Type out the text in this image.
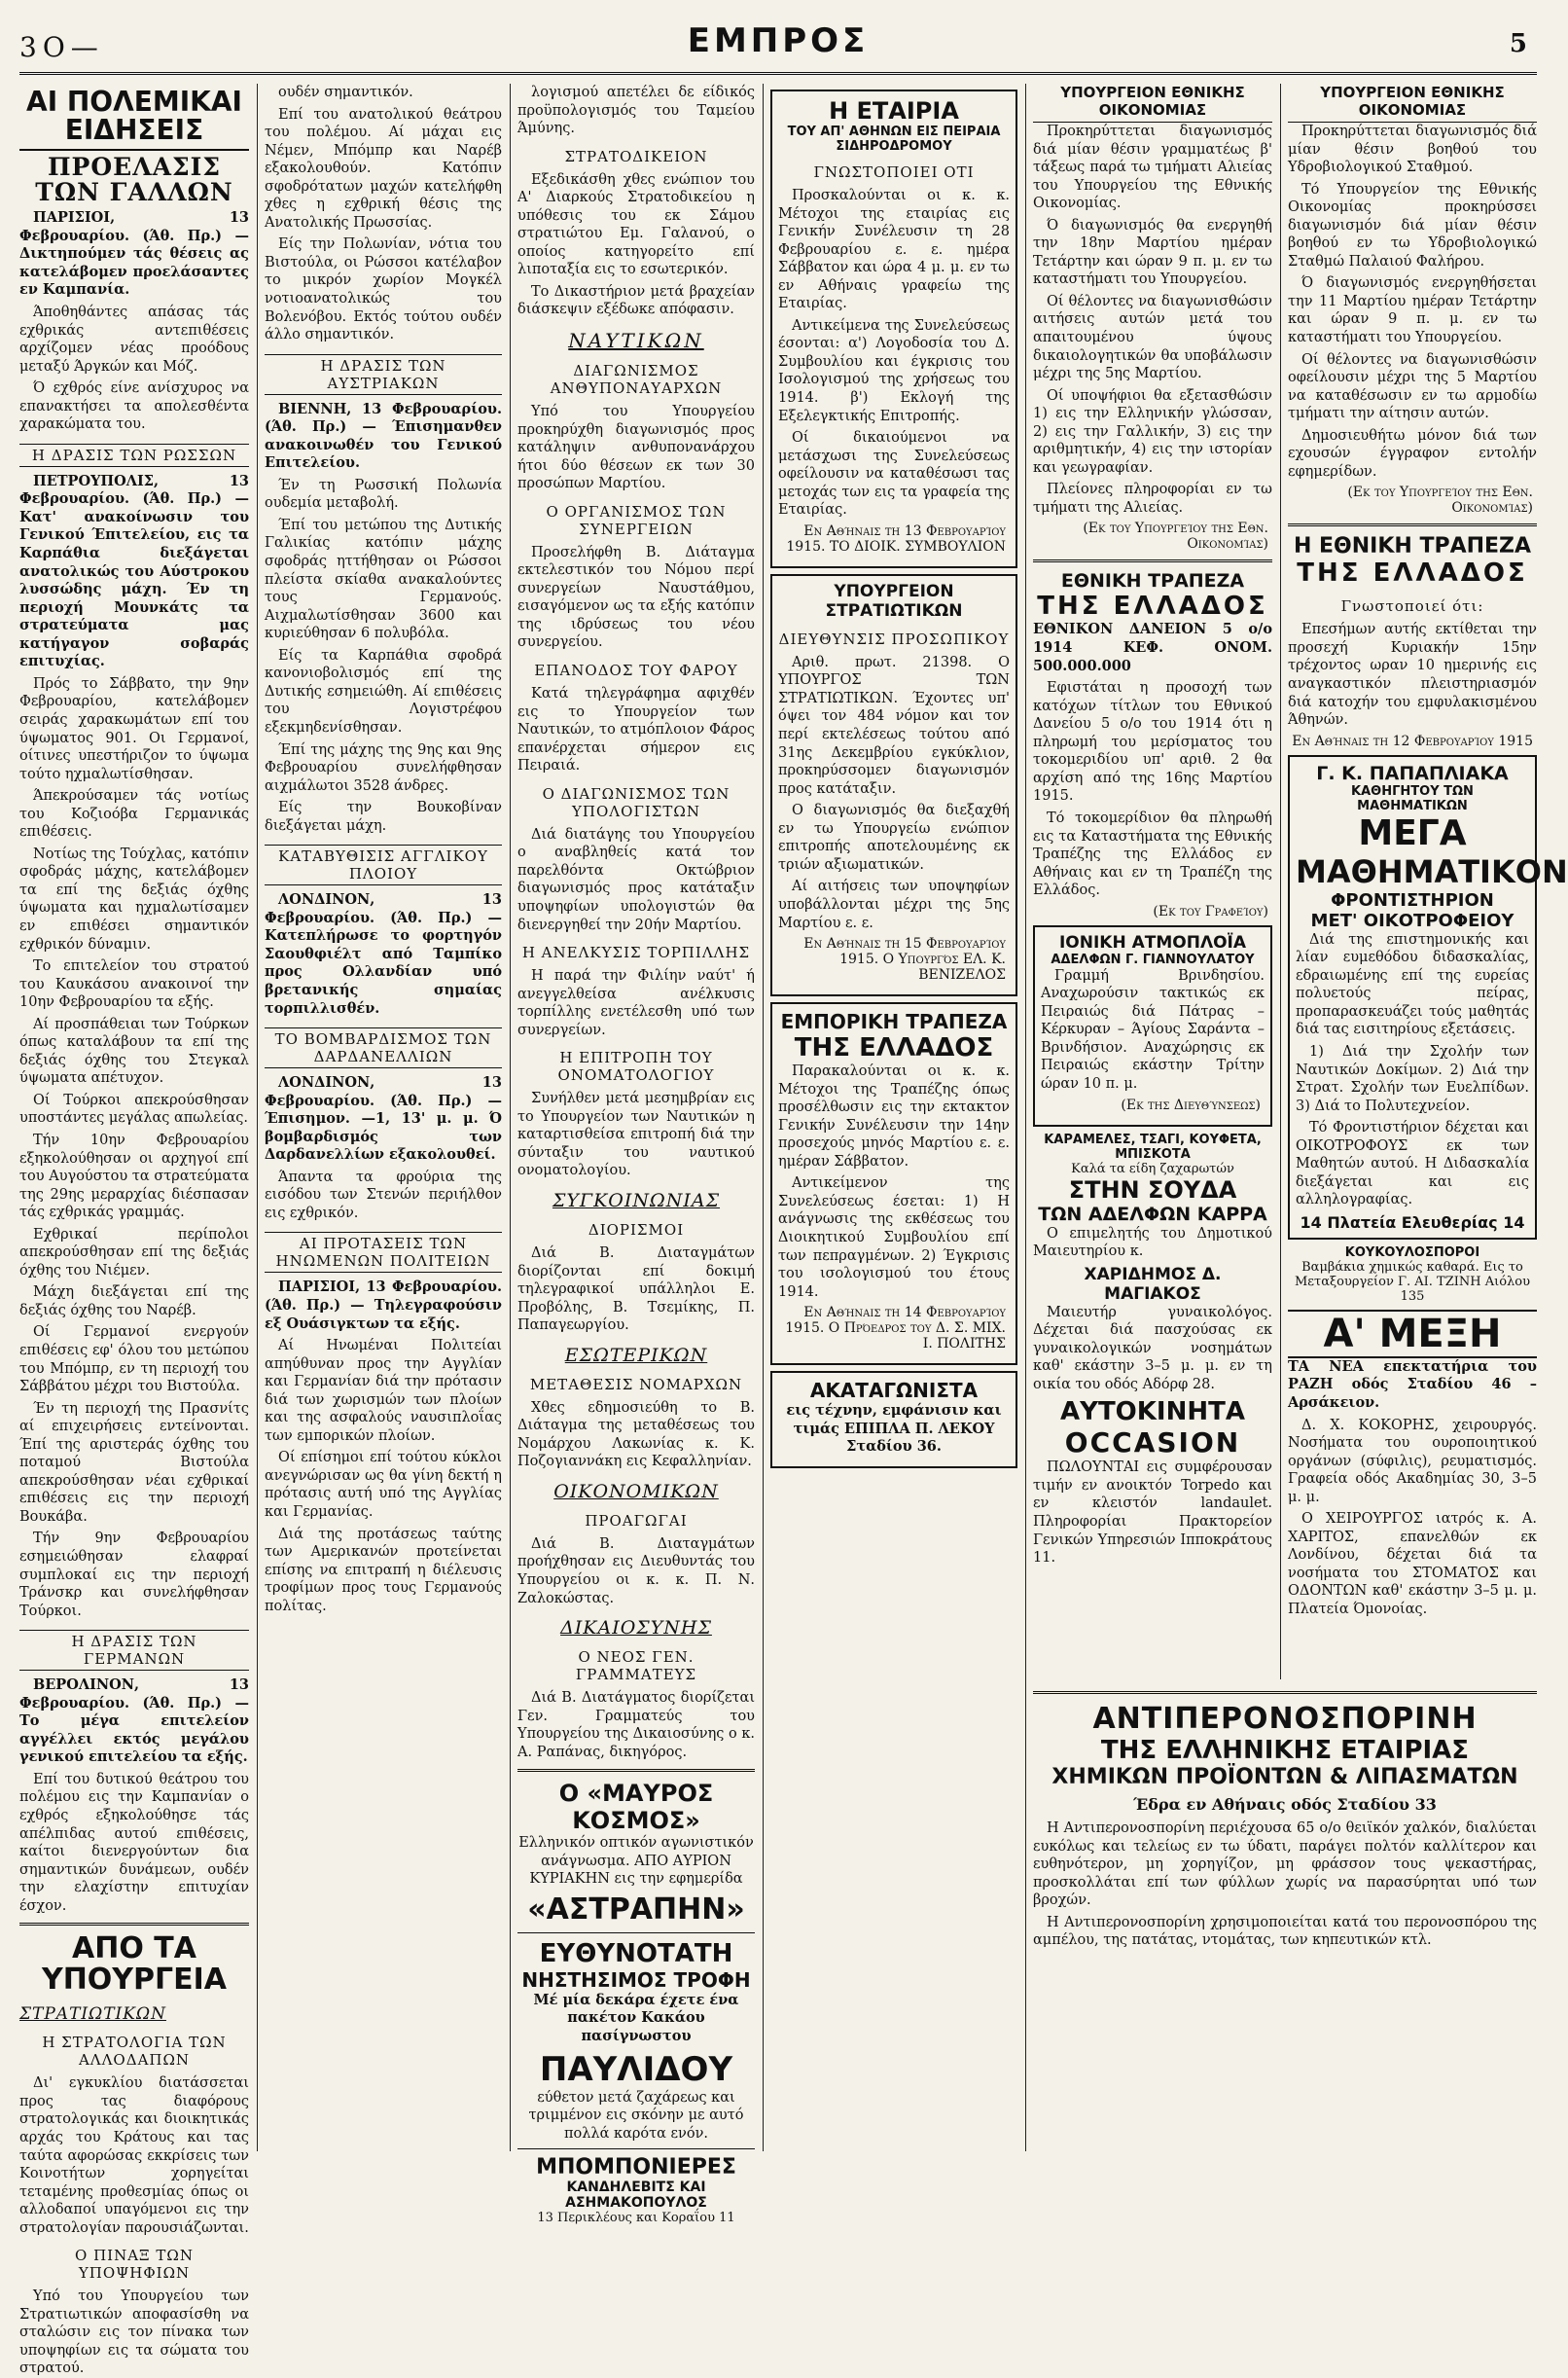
3Ο—	ΕΜΠΡΟΣ	5
ΑΙ ΠΟΛΕΜΙΚΑΙ ΕΙΔΗΣΕΙΣ
ΠΡΟΕΛΑΣΙΣ ΤΩΝ ΓΑΛΛΩΝ

ΠΑΡΙΣΙΟΙ, 13 Φεβρουαρίου. (Άθ. Πρ.) — Δικτηπούμεν τάς θέσεις ας κατελάβομεν προελάσαντες εν Καμπανία.

Άποθηθάντες απάσας τάς εχθρικάς αντεπιθέσεις αρχίζομεν νέας προόδους μεταξύ Άργκών και Μόζ.

Ό εχθρός είνε ανίσχυρος να επανακτήσει τα απολεσθέντα χαρακώματα του.

Η ΔΡΑΣΙΣ ΤΩΝ ΡΩΣΣΩΝ

ΠΕΤΡΟΥΠΟΛΙΣ, 13 Φεβρουαρίου. (Άθ. Πρ.) — Κατ' ανακοίνωσιν του Γενικού Έπιτελείου, εις τα Καρπάθια διεξάγεται ανατολικώς του Αύστροκου λυσσώδης μάχη. Έν τη περιοχή Μουνκάτς τα στρατεύματα μας κατήγαγον σοβαράς επιτυχίας.

Πρός το Σάββατο, την 9ην Φεβρουαρίου, κατελάβομεν σειράς χαρακωμάτων επί του ύψωματος 901. Οι Γερμανοί, οίτινες υπεστήριζον το ύψωμα τούτο ηχμαλωτίσθησαν.

Άπεκρούσαμεν τάς νοτίως του Κοζιοόβα Γερμανικάς επιθέσεις.

Νοτίως της Τούχλας, κατόπιν σφοδράς μάχης, κατελάβομεν τα επί της δεξιάς όχθης ύψωματα και ηχμαλωτίσαμεν εν επιθέσει σημαντικόν εχθρικόν δύναμιν.

Το επιτελείον του στρατού του Καυκάσου ανακοινοί την 10ην Φεβρουαρίου τα εξής.

Αί προσπάθειαι των Τούρκων όπως καταλάβουν τα επί της δεξιάς όχθης του Στεγκαλ ύψωματα απέτυχον.

Οί Τούρκοι απεκρούσθησαν υποστάντες μεγάλας απωλείας.

Τήν 10ην Φεβρουαρίου εξηκολούθησαν οι αρχηγοί επί του Αυγούστου τα στρατεύματα της 29ης μεραρχίας διέσπασαν τάς εχθρικάς γραμμάς.

Εχθρικαί περίπολοι απεκρούσθησαν επί της δεξιάς όχθης του Νιέμεν.

Μάχη διεξάγεται επί της δεξιάς όχθης του Ναρέβ.

Οί Γερμανοί ενεργούν επιθέσεις εφ' όλου του μετώπου του Μπόμπρ, εν τη περιοχή του Σάββάτου μέχρι του Βιστούλα.

Έν τη περιοχή της Πρασνίτς αί επιχειρήσεις εντείνονται. Έπί της αριστεράς όχθης του ποταμού Βιστούλα απεκρούσθησαν νέαι εχθρικαί επιθέσεις εις την περιοχή Βουκάβα.

Τήν 9ην Φεβρουαρίου εσημειώθησαν ελαφραί συμπλοκαί εις την περιοχή Τράνσκρ και συνελήφθησαν Τούρκοι.

Η ΔΡΑΣΙΣ ΤΩΝ ΓΕΡΜΑΝΩΝ

ΒΕΡΟΛΙΝΟΝ, 13 Φεβρουαρίου. (Άθ. Πρ.) — Το μέγα επιτελείον αγγέλλει εκτός μεγάλου γενικού επιτελείου τα εξής.

Επί του δυτικού θεάτρου του πολέμου εις την Καμπανίαν ο εχθρός εξηκολούθησε τάς απέλπιδας αυτού επιθέσεις, καίτοι διενεργούντων δια σημαντικών δυνάμεων, ουδέν την ελαχίστην επιτυχίαν έσχον.

ΑΠΟ ΤΑ ΥΠΟΥΡΓΕΙΑ
ΣΤΡΑΤΙΩΤΙΚΩΝ
Η ΣΤΡΑΤΟΛΟΓΙΑ ΤΩΝ ΑΛΛΟΔΑΠΩΝ

Δι' εγκυκλίου διατάσσεται προς τας διαφόρους στρατολογικάς και διοικητικάς αρχάς του Κράτους και τας ταύτα αφορώσας εκκρίσεις των Κοινοτήτων χορηγείται τεταμένης προθεσμίας όπως οι αλλοδαποί υπαγόμενοι εις την στρατολογίαν παρουσιάζωνται.

Ο ΠΙΝΑΞ ΤΩΝ ΥΠΟΨΗΦΙΩΝ

Υπό του Υπουργείου των Στρατιωτικών αποφασίσθη να σταλώσιν εις τον πίνακα των υποψηφίων εις τα σώματα του στρατού.

ουδέν σημαντικόν.

Επί του ανατολικού θεάτρου του πολέμου. Αί μάχαι εις Νέμεν, Μπόμπρ και Ναρέβ εξακολουθούν. Κατόπιν σφοδρότατων μαχών κατελήφθη χθες η εχθρική θέσις της Ανατολικής Πρωσσίας.

Είς την Πολωνίαν, νότια του Βιστούλα, οι Ρώσσοι κατέλαβον το μικρόν χωρίον Μογκέλ νοτιοανατολικώς του Βολενόβου. Εκτός τούτου ουδέν άλλο σημαντικόν.

Η ΔΡΑΣΙΣ ΤΩΝ ΑΥΣΤΡΙΑΚΩΝ

ΒΙΕΝΝΗ, 13 Φεβρουαρίου. (Άθ. Πρ.) — Έπισημανθεν ανακοινωθέν του Γενικού Επιτελείου.

Έν τη Ρωσσική Πολωνία ουδεμία μεταβολή.

Έπί του μετώπου της Δυτικής Γαλικίας κατόπιν μάχης σφοδράς ηττήθησαν οι Ρώσσοι πλείστα σκίαθα ανακαλούντες τους Γερμανούς. Αιχμαλωτίσθησαν 3600 και κυριεύθησαν 6 πολυβόλα.

Είς τα Καρπάθια σφοδρά κανονιοβολισμός επί της Δυτικής εσημειώθη. Αί επιθέσεις του Λογιστρέφου εξεκμηδενίσθησαν.

Έπί της μάχης της 9ης και 9ης Φεβρουαρίου συνελήφθησαν αιχμάλωτοι 3528 άνδρες.

Είς την Βουκοβίναν διεξάγεται μάχη.

ΚΑΤΑΒΥΘΙΣΙΣ ΑΓΓΛΙΚΟΥ ΠΛΟΙΟΥ

ΛΟΝΔΙΝΟΝ, 13 Φεβρουαρίου. (Άθ. Πρ.) — Κατεπλήρωσε το φορτηγόν Σαουθφιέλτ από Ταμπίκο προς Ολλανδίαν υπό βρετανικής σημαίας τορπιλλισθέν.

ΤΟ ΒΟΜΒΑΡΔΙΣΜΟΣ ΤΩΝ ΔΑΡΔΑΝΕΛΛΙΩΝ

ΛΟΝΔΙΝΟΝ, 13 Φεβρουαρίου. (Άθ. Πρ.) — Έπισημον. —1, 13' μ. μ. Ό βομβαρδισμός των Δαρδανελλίων εξακολουθεί.

Άπαντα τα φρούρια της εισόδου των Στενών περιήλθον εις εχθρικόν.

ΑΙ ΠΡΟΤΑΣΕΙΣ ΤΩΝ ΗΝΩΜΕΝΩΝ ΠΟΛΙΤΕΙΩΝ

ΠΑΡΙΣΙΟΙ, 13 Φεβρουαρίου. (Άθ. Πρ.) — Τηλεγραφούσιν εξ Ουάσιγκτων τα εξής.

Αί Ηνωμέναι Πολιτείαι απηύθυναν προς την Αγγλίαν και Γερμανίαν διά την πρότασιν διά των χωρισμών των πλοίων και της ασφαλούς ναυσιπλοΐας των εμπορικών πλοίων.

Οί επίσημοι επί τούτου κύκλοι ανεγνώρισαν ως θα γίνη δεκτή η πρότασις αυτή υπό της Αγγλίας και Γερμανίας.

Διά της προτάσεως ταύτης των Αμερικανών προτείνεται επίσης να επιτραπή η διέλευσις τροφίμων προς τους Γερμανούς πολίτας.

λογισμού απετέλει δε είδικός προϋπολογισμός του Ταμείου Άμύνης.

ΣΤΡΑΤΟΔΙΚΕΙΟΝ

Εξεδικάσθη χθες ενώπιον του Α' Διαρκούς Στρατοδικείου η υπόθεσις του εκ Σάμου στρατιώτου Εμ. Γαλανού, ο οποίος κατηγορείτο επί λιποταξία εις το εσωτερικόν.

Το Δικαστήριον μετά βραχείαν διάσκεψιν εξέδωκε απόφασιν.

ΝΑΥΤΙΚΩΝ
ΔΙΑΓΩΝΙΣΜΟΣ ΑΝΘΥΠΟΝΑΥΑΡΧΩΝ

Υπό του Υπουργείου προκηρύχθη διαγωνισμός προς κατάληψιν ανθυπονανάρχου ήτοι δύο θέσεων εκ των 30 προσώπων Μαρτίου.

Ο ΟΡΓΑΝΙΣΜΟΣ ΤΩΝ ΣΥΝΕΡΓΕΙΩΝ

Προσελήφθη Β. Διάταγμα εκτελεστικόν του Νόμου περί συνεργείων Ναυστάθμου, εισαγόμενον ως τα εξής κατόπιν της ιδρύσεως του νέου συνεργείου.

ΕΠΑΝΟΔΟΣ ΤΟΥ ΦΑΡΟΥ

Κατά τηλεγράφημα αφιχθέν εις το Υπουργείον των Ναυτικών, το ατμόπλοιον Φάρος επανέρχεται σήμερον εις Πειραιά.

Ο ΔΙΑΓΩΝΙΣΜΟΣ ΤΩΝ ΥΠΟΛΟΓΙΣΤΩΝ

Διά διατάγης του Υπουργείου ο αναβληθείς κατά τον παρελθόντα Οκτώβριον διαγωνισμός προς κατάταξιν υποψηφίων υπολογιστών θα διενεργηθεί την 20ήν Μαρτίου.

Η ΑΝΕΛΚΥΣΙΣ ΤΟΡΠΙΛΛΗΣ

Η παρά την Φιλίην ναύτ' ή ανεγγελθείσα ανέλκυσις τορπίλλης ενετέλεσθη υπό των συνεργείων.

Η ΕΠΙΤΡΟΠΗ ΤΟΥ ΟΝΟΜΑΤΟΛΟΓΙΟΥ

Συνήλθεν μετά μεσημβρίαν εις το Υπουργείον των Ναυτικών η καταρτισθείσα επιτροπή διά την σύνταξιν του ναυτικού ονοματολογίου.

ΣΥΓΚΟΙΝΩΝΙΑΣ
ΔΙΟΡΙΣΜΟΙ

Διά Β. Διαταγμάτων διορίζονται επί δοκιμή τηλεγραφικοί υπάλληλοι Ε. Προβόλης, Β. Τσεμίκης, Π. Παπαγεωργίου.

ΕΣΩΤΕΡΙΚΩΝ
ΜΕΤΑΘΕΣΙΣ ΝΟΜΑΡΧΩΝ

Χθες εδημοσιεύθη το Β. Διάταγμα της μεταθέσεως του Νομάρχου Λακωνίας κ. Κ. Ποζογιαννάκη εις Κεφαλληνίαν.

ΟΙΚΟΝΟΜΙΚΩΝ
ΠΡΟΑΓΩΓΑΙ

Διά Β. Διαταγμάτων προήχθησαν εις Διευθυντάς του Υπουργείου οι κ. κ. Π. Ν. Ζαλοκώστας.

ΔΙΚΑΙΟΣΥΝΗΣ
Ο ΝΕΟΣ ΓΕΝ. ΓΡΑΜΜΑΤΕΥΣ

Διά Β. Διατάγματος διορίζεται Γεν. Γραμματεύς του Υπουργείου της Δικαιοσύνης ο κ. Α. Ραπάνας, δικηγόρος.

Ο «ΜΑΥΡΟΣ ΚΟΣΜΟΣ»

Ελληνικόν οπτικόν αγωνιστικόν ανάγνωσμα. ΑΠΟ ΑΥΡΙΟΝ ΚΥΡΙΑΚΗΝ εις την εφημερίδα

«ΑΣΤΡΑΠΗΝ»
ΕΥΘΥΝΟΤΑΤΗ
ΝΗΣΤΗΣΙΜΟΣ ΤΡΟΦΗ

Μέ μία δεκάρα έχετε ένα πακέτον Κακάου πασίγνωστου

ΠΑΥΛΙΔΟΥ

εύθετον μετά ζαχάρεως και τριμμένον εις σκόνην με αυτό πολλά καρότα ενόν.

ΜΠΟΜΠΟΝΙΕΡΕΣ
ΚΑΝΔΗΛΕΒΙΤΣ ΚΑΙ ΑΣΗΜΑΚΟΠΟΥΛΟΣ
13 Περικλέους και Κοραΐου 11
Η ΕΤΑΙΡΙΑ
ΤΟΥ ΑΠ' ΑΘΗΝΩΝ ΕΙΣ ΠΕΙΡΑΙΑ ΣΙΔΗΡΟΔΡΟΜΟΥ
ΓΝΩΣΤΟΠΟΙΕΙ ΟΤΙ

Προσκαλούνται οι κ. κ. Μέτοχοι της εταιρίας εις Γενικήν Συνέλευσιν τη 28 Φεβρουαρίου ε. ε. ημέρα Σάββατον και ώρα 4 μ. μ. εν τω εν Αθήναις γραφείω της Εταιρίας.

Αντικείμενα της Συνελεύσεως έσονται: α') Λογοδοσία του Δ. Συμβουλίου και έγκρισις του Ισολογισμού της χρήσεως του 1914. β') Εκλογή της Εξελεγκτικής Επιτροπής.

Οί δικαιούμενοι να μετάσχωσι της Συνελεύσεως οφείλουσιν να καταθέσωσι τας μετοχάς των εις τα γραφεία της Εταιρίας.

Εν Αθήναις τη 13 Φεβρουαρίου 1915. ΤΟ ΔΙΟΙΚ. ΣΥΜΒΟΥΛΙΟΝ
ΥΠΟΥΡΓΕΙΟΝ ΣΤΡΑΤΙΩΤΙΚΩΝ
ΔΙΕΥΘΥΝΣΙΣ ΠΡΟΣΩΠΙΚΟΥ

Αριθ. πρωτ. 21398. Ο ΥΠΟΥΡΓΟΣ ΤΩΝ ΣΤΡΑΤΙΩΤΙΚΩΝ. Έχοντες υπ' όψει τον 484 νόμον και τον περί εκτελέσεως τούτου από 31ης Δεκεμβρίου εγκύκλιον, προκηρύσσομεν διαγωνισμόν προς κατάταξιν.

Ο διαγωνισμός θα διεξαχθή εν τω Υπουργείω ενώπιον επιτροπής αποτελουμένης εκ τριών αξιωματικών.

Αί αιτήσεις των υποψηφίων υποβάλλονται μέχρι της 5ης Μαρτίου ε. ε.

Εν Αθήναις τη 15 Φεβρουαρίου 1915. Ο Υπουργός ΕΛ. Κ. ΒΕΝΙΖΕΛΟΣ
ΕΜΠΟΡΙΚΗ ΤΡΑΠΕΖΑ
ΤΗΣ ΕΛΛΑΔΟΣ

Παρακαλούνται οι κ. κ. Μέτοχοι της Τραπέζης όπως προσέλθωσιν εις την εκτακτον Γενικήν Συνέλευσιν την 14ην προσεχούς μηνός Μαρτίου ε. ε. ημέραν Σάββατον.

Αντικείμενον της Συνελεύσεως έσεται: 1) Η ανάγνωσις της εκθέσεως του Διοικητικού Συμβουλίου επί των πεπραγμένων. 2) Έγκρισις του ισολογισμού του έτους 1914.

Εν Αθήναις τη 14 Φεβρουαρίου 1915. Ο Πρόεδρος του Δ. Σ. ΜΙΧ. Ι. ΠΟΛΙΤΗΣ
ΑΚΑΤΑΓΩΝΙΣΤΑ

εις τέχνην, εμφάνισιν και τιμάς ΕΠΙΠΛΑ Π. ΛΕΚΟΥ Σταδίου 36.

ΥΠΟΥΡΓΕΙΟΝ ΕΘΝΙΚΗΣ ΟΙΚΟΝΟΜΙΑΣ

Προκηρύττεται διαγωνισμός διά μίαν θέσιν γραμματέως β' τάξεως παρά τω τμήματι Αλιείας του Υπουργείου της Εθνικής Οικονομίας.

Ό διαγωνισμός θα ενεργηθή την 18ην Μαρτίου ημέραν Τετάρτην και ώραν 9 π. μ. εν τω καταστήματι του Υπουργείου.

Οί θέλοντες να διαγωνισθώσιν αιτήσεις αυτών μετά του απαιτουμένου ύψους δικαιολογητικών θα υποβάλωσιν μέχρι της 5ης Μαρτίου.

Οί υποψήφιοι θα εξετασθώσιν 1) εις την Ελληνικήν γλώσσαν, 2) εις την Γαλλικήν, 3) εις την αριθμητικήν, 4) εις την ιστορίαν και γεωγραφίαν.

Πλείονες πληροφορίαι εν τω τμήματι της Αλιείας.

(Εκ του Υπουργείου της Εθν. Οικονομίας)
ΕΘΝΙΚΗ ΤΡΑΠΕΖΑ
ΤΗΣ ΕΛΛΑΔΟΣ

ΕΘΝΙΚΟΝ ΔΑΝΕΙΟΝ 5 ο/ο 1914 ΚΕΦ. ΟΝΟΜ. 500.000.000

Εφιστάται η προσοχή των κατόχων τίτλων του Εθνικού Δανείου 5 ο/ο του 1914 ότι η πληρωμή του μερίσματος του τοκομεριδίου υπ' αριθ. 2 θα αρχίση από της 16ης Μαρτίου 1915.

Τό τοκομερίδιον θα πληρωθή εις τα Καταστήματα της Εθνικής Τραπέζης της Ελλάδος εν Αθήναις και εν τη Τραπέζη της Ελλάδος.

(Εκ του Γραφείου)
ΙΟΝΙΚΗ ΑΤΜΟΠΛΟΪΑ
ΑΔΕΛΦΩΝ Γ. ΓΙΑΝΝΟΥΛΑΤΟΥ

Γραμμή Βρινδησίου. Αναχωρούσιν τακτικώς εκ Πειραιώς διά Πάτρας – Κέρκυραν – Άγίους Σαράντα – Βρινδήσιον. Αναχώρησις εκ Πειραιώς εκάστην Τρίτην ώραν 10 π. μ.

(Εκ της Διευθύνσεως)
ΚΑΡΑΜΕΛΕΣ, ΤΣΑΓΙ, ΚΟΥΦΕΤΑ, ΜΠΙΣΚΟΤΑ
Καλά τα είδη ζαχαρωτών
ΣΤΗΝ ΣΟΥΔΑ
ΤΩΝ ΑΔΕΛΦΩΝ ΚΑΡΡΑ

Ο επιμελητής του Δημοτικού Μαιευτηρίου κ.

ΧΑΡΙΔΗΜΟΣ Δ. ΜΑΓΙΑΚΟΣ

Μαιευτήρ γυναικολόγος. Δέχεται διά πασχούσας εκ γυναικολογικών νοσημάτων καθ' εκάστην 3–5 μ. μ. εν τη οικία του οδός Αδόρφ 28.

ΑΥΤΟΚΙΝΗΤΑ
OCCASION

ΠΩΛΟΥΝΤΑΙ εις συμφέρουσαν τιμήν εν ανοικτόν Torpedo και εν κλειστόν landaulet. Πληροφορίαι Πρακτορείον Γενικών Υπηρεσιών Ιπποκράτους 11.

ΥΠΟΥΡΓΕΙΟΝ ΕΘΝΙΚΗΣ ΟΙΚΟΝΟΜΙΑΣ

Προκηρύττεται διαγωνισμός διά μίαν θέσιν βοηθού του Υδροβιολογικού Σταθμού.

Τό Υπουργείον της Εθνικής Οικονομίας προκηρύσσει διαγωνισμόν διά μίαν θέσιν βοηθού εν τω Υδροβιολογικώ Σταθμώ Παλαιού Φαλήρου.

Ό διαγωνισμός ενεργηθήσεται την 11 Μαρτίου ημέραν Τετάρτην και ώραν 9 π. μ. εν τω καταστήματι του Υπουργείου.

Οί θέλοντες να διαγωνισθώσιν οφείλουσιν μέχρι της 5 Μαρτίου να καταθέσωσιν εν τω αρμοδίω τμήματι την αίτησιν αυτών.

Δημοσιευθήτω μόνον διά των εχουσών έγγραφον εντολήν εφημερίδων.

(Εκ του Υπουργείου της Εθν. Οικονομίας)
Η ΕΘΝΙΚΗ ΤΡΑΠΕΖΑ
ΤΗΣ ΕΛΛΑΔΟΣ
Γνωστοποιεί ότι:

Επεσήμων αυτής εκτίθεται την προσεχή Κυριακήν 15ην τρέχοντος ωραν 10 ημερινής εις αναγκαστικόν πλειστηριασμόν διά κατοχήν του εμφυλακισμένου Άθηνών.

Εν Αθήναις τη 12 Φεβρουαρίου 1915
Γ. Κ. ΠΑΠΑΠΛΙΑΚΑ
ΚΑΘΗΓΗΤΟΥ ΤΩΝ ΜΑΘΗΜΑΤΙΚΩΝ
ΜΕΓΑ
ΜΑΘΗΜΑΤΙΚΟΝ
ΦΡΟΝΤΙΣΤΗΡΙΟΝ
ΜΕΤ' ΟΙΚΟΤΡΟΦΕΙΟΥ

Διά της επιστημονικής και λίαν ευμεθόδου διδασκαλίας, εδραιωμένης επί της ευρείας πολυετούς πείρας, προπαρασκευάζει τούς μαθητάς διά τας εισιτηρίους εξετάσεις.

1) Διά την Σχολήν των Ναυτικών Δοκίμων. 2) Διά την Στρατ. Σχολήν των Ευελπίδων. 3) Διά το Πολυτεχνείον.

Τό Φροντιστήριον δέχεται και ΟΙΚΟΤΡΟΦΟΥΣ εκ των Μαθητών αυτού. Η Διδασκαλία διεξάγεται και εις αλληλογραφίας.

14 Πλατεία Ελευθερίας 14
ΚΟΥΚΟΥΛΟΣΠΟΡΟΙ
Βαμβάκια χημικώς καθαρά. Εις το Μεταξουργείον Γ. ΑΙ. ΤΖΙΝΗ Αιόλου 135
Α' ΜΕΞΗ

ΤΑ ΝΕΑ επεκτατήρια του ΡΑΖΗ οδός Σταδίου 46 – Αρσάκειον.

Δ. Χ. ΚΟΚΟΡΗΣ, χειρουργός. Νοσήματα του ουροποιητικού οργάνων (σύφιλις), ρευματισμός. Γραφεία οδός Ακαδημίας 30, 3–5 μ. μ.

Ο ΧΕΙΡΟΥΡΓΟΣ ιατρός κ. Α. ΧΑΡΙΤΟΣ, επανελθών εκ Λονδίνου, δέχεται διά τα νοσήματα του ΣΤΟΜΑΤΟΣ και ΟΔΟΝΤΩΝ καθ' εκάστην 3–5 μ. μ. Πλατεία Όμονοίας.

ΑΝΤΙΠΕΡΟΝΟΣΠΟΡΙΝΗ
ΤΗΣ ΕΛΛΗΝΙΚΗΣ ΕΤΑΙΡΙΑΣ
ΧΗΜΙΚΩΝ ΠΡΟΪΟΝΤΩΝ & ΛΙΠΑΣΜΑΤΩΝ
Έδρα εν Αθήναις οδός Σταδίου 33

Η Αντιπερονοσπορίνη περιέχουσα 65 ο/ο θειϊκόν χαλκόν, διαλύεται ευκόλως και τελείως εν τω ύδατι, παράγει πολτόν καλλίτερον και ευθηνότερον, μη χορηγίζον, μη φράσσον τους ψεκαστήρας, προσκολλάται επί των φύλλων χωρίς να παρασύρηται υπό των βροχών.

Η Αντιπερονοσπορίνη χρησιμοποιείται κατά του περονοσπόρου της αμπέλου, της πατάτας, ντομάτας, των κηπευτικών κτλ.
